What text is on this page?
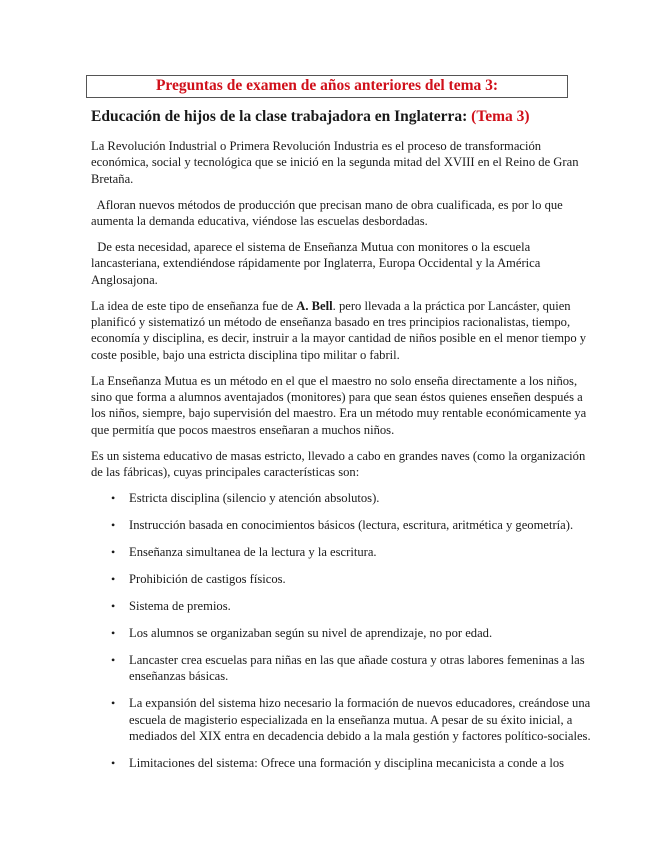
Preguntas de examen de años anteriores del tema 3:
Educación de hijos de la clase trabajadora en Inglaterra: (Tema 3)
La Revolución Industrial o Primera Revolución Industria es el proceso de transformación
económica, social y tecnológica que se inició en la segunda mitad del XVIII en el Reino de Gran
Bretaña.
Afloran nuevos métodos de producción que precisan mano de obra cualificada, es por lo que
aumenta la demanda educativa, viéndose las escuelas desbordadas.
De esta necesidad, aparece el sistema de Enseñanza Mutua con monitores o la escuela
lancasteriana, extendiéndose rápidamente por Inglaterra, Europa Occidental y la América
Anglosajona.
La idea de este tipo de enseñanza fue de A. Bell. pero llevada a la práctica por Lancáster, quien
planificó y sistematizó un método de enseñanza basado en tres principios racionalistas, tiempo,
economía y disciplina, es decir, instruir a la mayor cantidad de niños posible en el menor tiempo y
coste posible, bajo una estricta disciplina tipo militar o fabril.
La Enseñanza Mutua es un método en el que el maestro no solo enseña directamente a los niños,
sino que forma a alumnos aventajados (monitores) para que sean éstos quienes enseñen después a
los niños, siempre, bajo supervisión del maestro. Era un método muy rentable económicamente ya
que permitía que pocos maestros enseñaran a muchos niños.
Es un sistema educativo de masas estricto, llevado a cabo en grandes naves (como la organización
de las fábricas), cuyas principales características son:
• Estricta disciplina (silencio y atención absolutos).
• Instrucción basada en conocimientos básicos (lectura, escritura, aritmética y geometría).
• Enseñanza simultanea de la lectura y la escritura.
• Prohibición de castigos físicos.
• Sistema de premios.
• Los alumnos se organizaban según su nivel de aprendizaje, no por edad.
• Lancaster crea escuelas para niñas en las que añade costura y otras labores femeninas a las
enseñanzas básicas.
• La expansión del sistema hizo necesario la formación de nuevos educadores, creándose una
escuela de magisterio especializada en la enseñanza mutua. A pesar de su éxito inicial, a
mediados del XIX entra en decadencia debido a la mala gestión y factores político-sociales.
• Limitaciones del sistema: Ofrece una formación y disciplina mecanicista a conde a los
